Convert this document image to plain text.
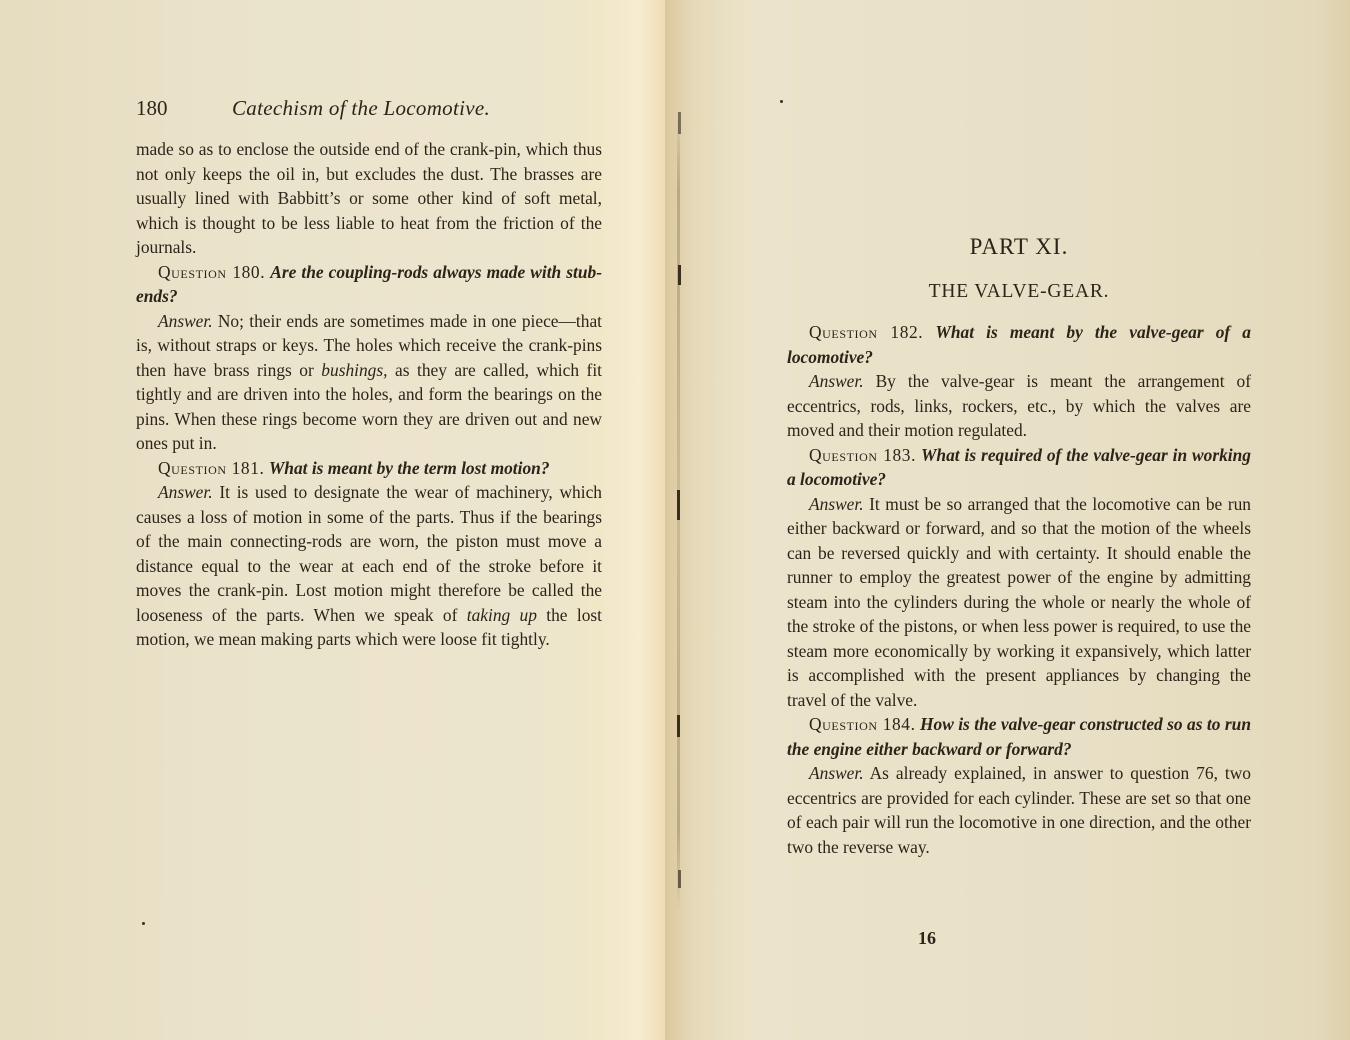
180	Catechism of the Locomotive.

made so as to enclose the outside end of the crank-pin, which thus not only keeps the oil in, but excludes the dust. The brasses are usually lined with Babbitt’s or some other kind of soft metal, which is thought to be less liable to heat from the friction of the journals.

Question 180. Are the coupling-rods always made with stub-ends?

Answer. No; their ends are sometimes made in one piece—that is, without straps or keys. The holes which receive the crank-pins then have brass rings or bushings, as they are called, which fit tightly and are driven into the holes, and form the bearings on the pins. When these rings become worn they are driven out and new ones put in.

Question 181. What is meant by the term lost motion?

Answer. It is used to designate the wear of machinery, which causes a loss of motion in some of the parts. Thus if the bearings of the main connecting-rods are worn, the piston must move a distance equal to the wear at each end of the stroke before it moves the crank-pin. Lost motion might therefore be called the looseness of the parts. When we speak of taking up the lost motion, we mean making parts which were loose fit tightly.

PART XI.
THE VALVE-GEAR.

Question 182. What is meant by the valve-gear of a locomotive?

Answer. By the valve-gear is meant the arrangement of eccentrics, rods, links, rockers, etc., by which the valves are moved and their motion regulated.

Question 183. What is required of the valve-gear in working a locomotive?

Answer. It must be so arranged that the locomotive can be run either backward or forward, and so that the motion of the wheels can be reversed quickly and with certainty. It should enable the runner to employ the greatest power of the engine by admitting steam into the cylinders during the whole or nearly the whole of the stroke of the pistons, or when less power is required, to use the steam more economically by working it expansively, which latter is accomplished with the present appliances by changing the travel of the valve.

Question 184. How is the valve-gear constructed so as to run the engine either backward or forward?

Answer. As already explained, in answer to question 76, two eccentrics are provided for each cylinder. These are set so that one of each pair will run the locomotive in one direction, and the other two the reverse way.

16
